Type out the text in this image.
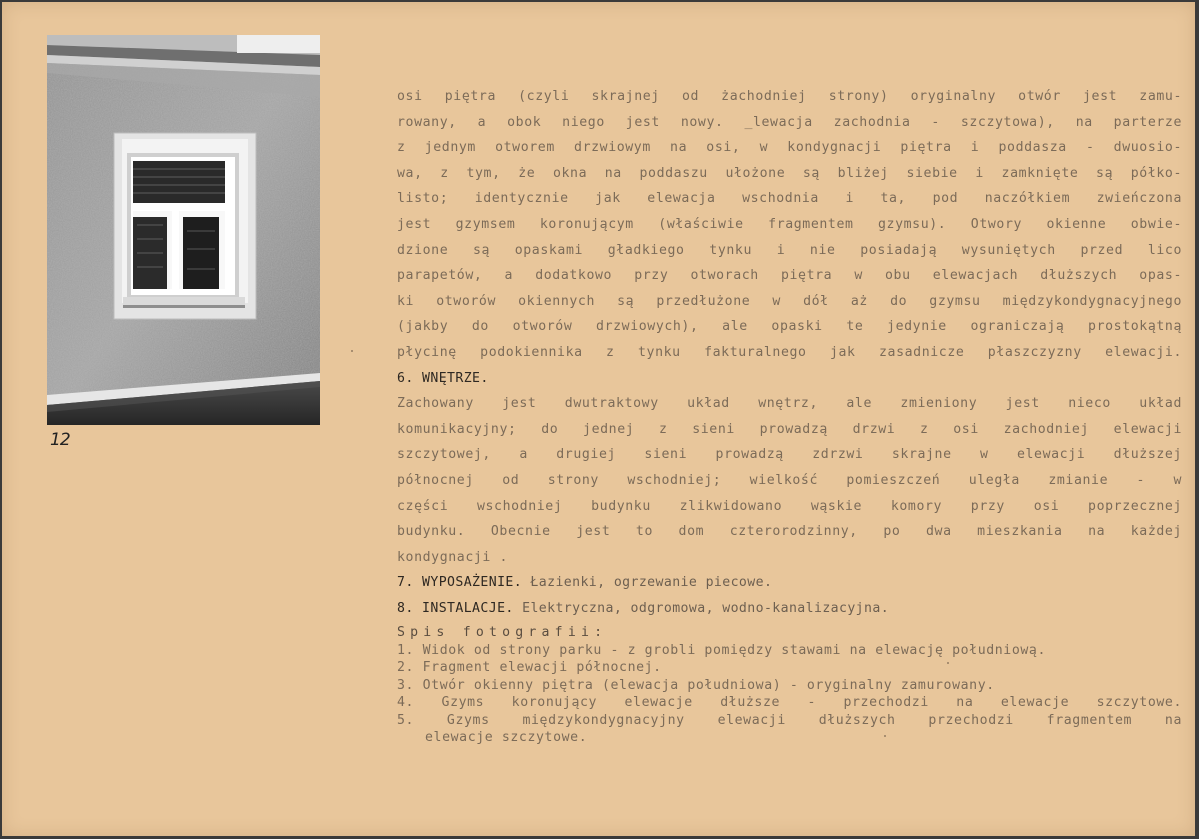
12
osi piętra (czyli skrajnej od żachodniej strony) oryginalny otwór jest zamu-
rowany, a obok niego jest nowy. _lewacja zachodnia - szczytowa), na parterze
z jednym otworem drzwiowym na osi, w kondygnacji piętra i poddasza - dwuosio-
wa, z tym, że okna na poddaszu ułożone są bliżej siebie i zamknięte są półko-
listo; identycznie jak elewacja wschodnia i ta, pod naczółkiem zwieńczona
jest gzymsem koronującym (właściwie fragmentem gzymsu). Otwory okienne obwie-
dzione są opaskami gładkiego tynku i nie posiadają wysuniętych przed lico
parapetów, a dodatkowo przy otworach piętra w obu elewacjach dłuższych opas-
ki otworów okiennych są przedłużone w dół aż do gzymsu międzykondygnacyjnego
(jakby do otworów drzwiowych), ale opaski te jedynie ograniczają prostokątną
płycinę podokiennika z tynku fakturalnego jak zasadnicze płaszczyzny elewacji.
6. WNĘTRZE.
Zachowany jest dwutraktowy układ wnętrz, ale zmieniony jest nieco układ
komunikacyjny; do jednej z sieni prowadzą drzwi z osi zachodniej elewacji
szczytowej, a drugiej sieni prowadzą zdrzwi skrajne w elewacji dłuższej
północnej od strony wschodniej; wielkość pomieszczeń uległa zmianie - w
części wschodniej budynku zlikwidowano wąskie komory przy osi poprzecznej
budynku. Obecnie jest to dom czterorodzinny, po dwa mieszkania na każdej
kondygnacji .
7. WYPOSAŻENIE. Łazienki, ogrzewanie piecowe.
8. INSTALACJE. Elektryczna, odgromowa, wodno-kanalizacyjna.
Spis fotografii:
1. Widok od strony parku - z grobli pomiędzy stawami na elewację południową.
2. Fragment elewacji północnej.
3. Otwór okienny piętra (elewacja południowa) - oryginalny zamurowany.
4. Gzyms koronujący elewacje dłuższe - przechodzi na elewacje szczytowe.
5. Gzyms międzykondygnacyjny elewacji dłuższych przechodzi fragmentem na
elewacje szczytowe.
